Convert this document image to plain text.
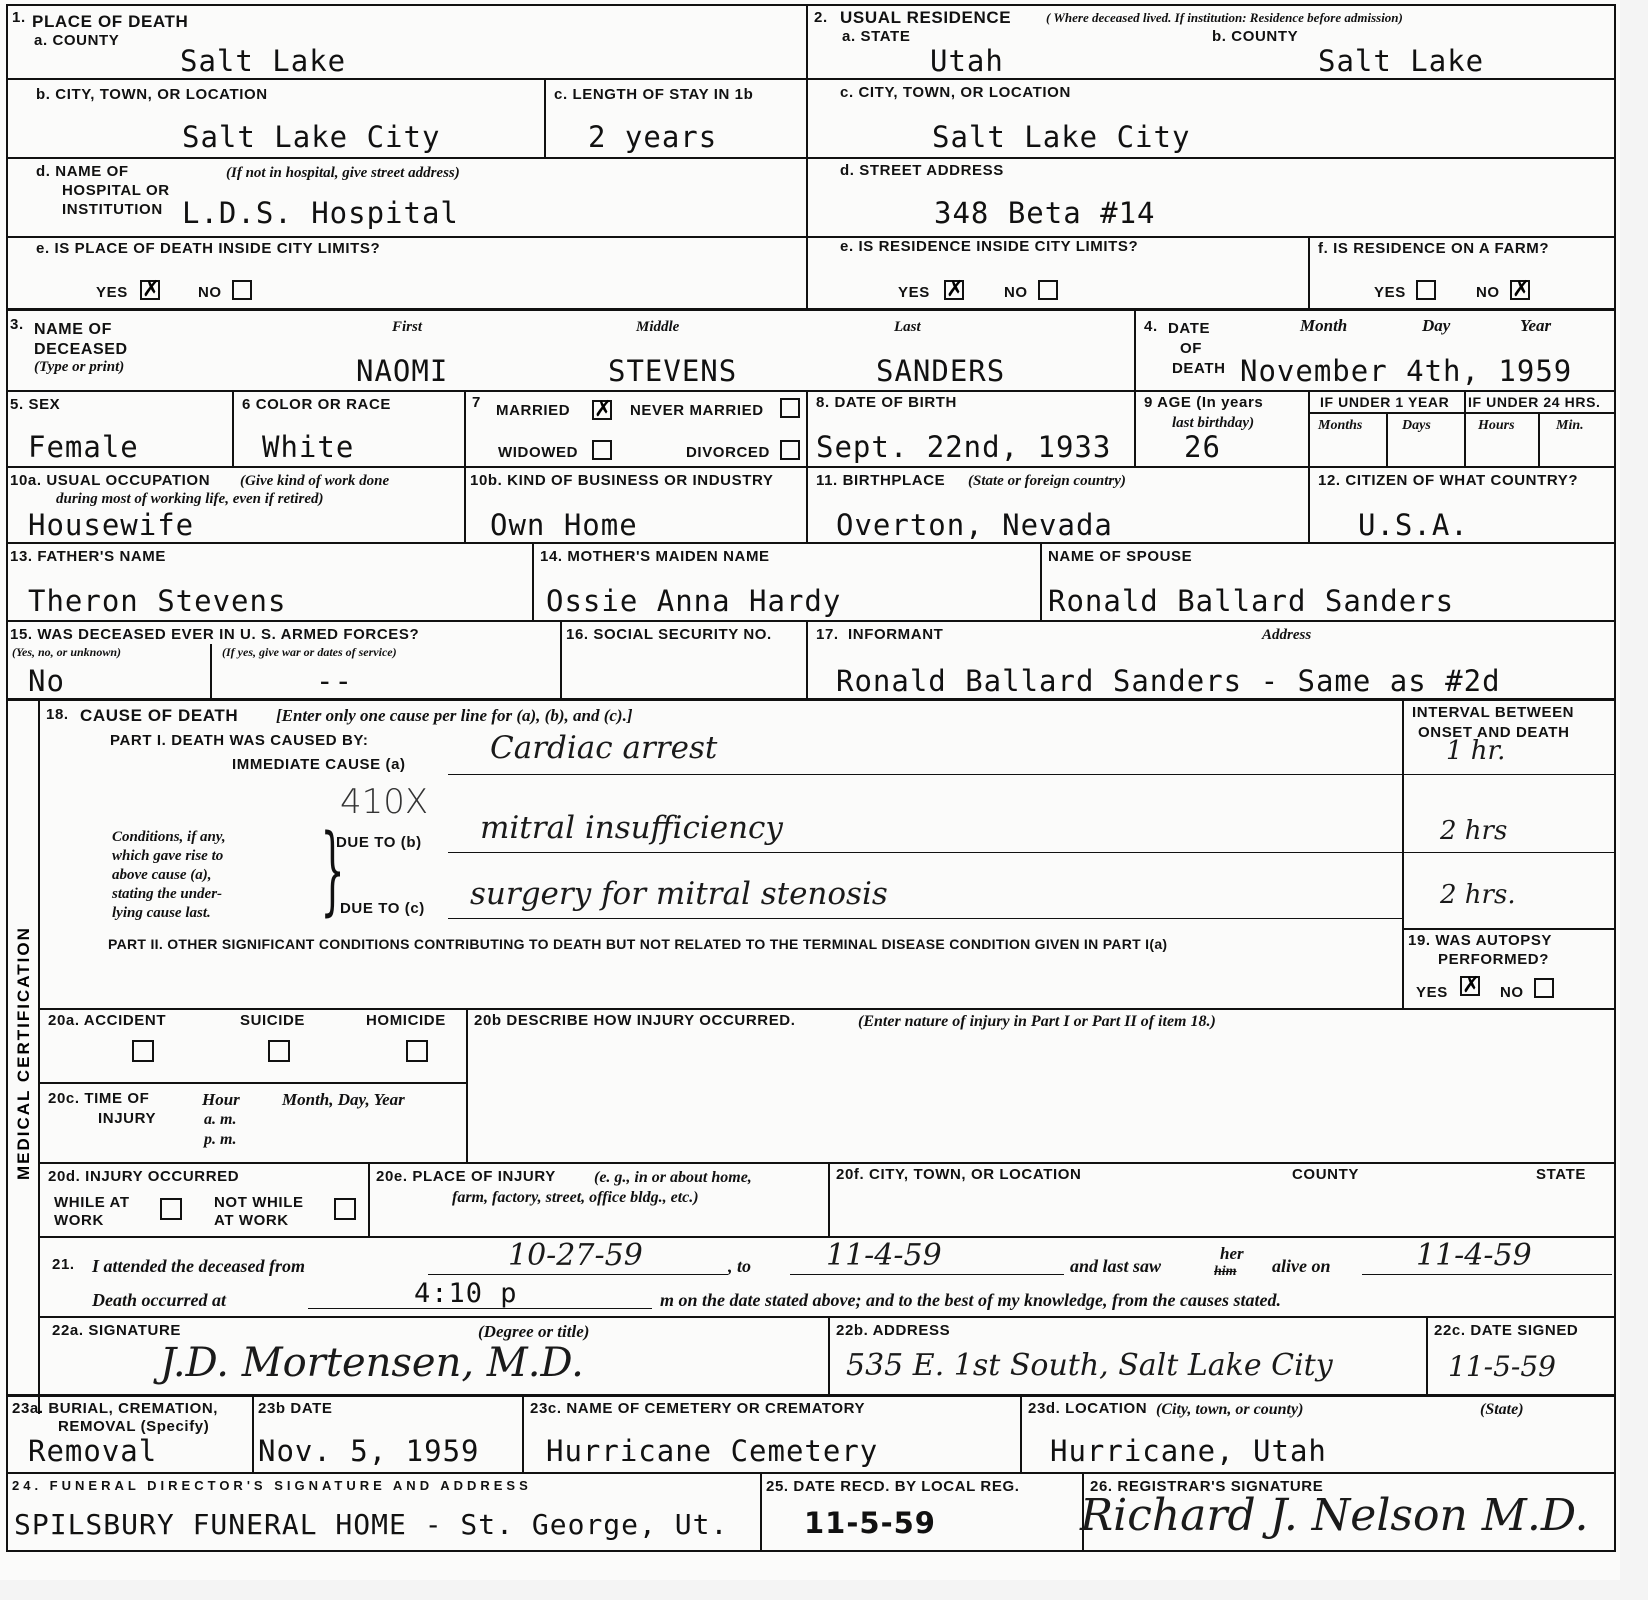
1. PLACE OF DEATH
a. COUNTY
Salt Lake
2. USUAL RESIDENCE	( Where deceased lived. If institution: Residence before admission)
a. STATE	b. COUNTY
Utah	Salt Lake
b. CITY, TOWN, OR LOCATION
Salt Lake City
c. LENGTH OF STAY IN 1b
2 years
c. CITY, TOWN, OR LOCATION
Salt Lake City
d. NAME OF
HOSPITAL OR
INSTITUTION
(If not in hospital, give street address)
L.D.S. Hospital
d. STREET ADDRESS
348 Beta #14
e. IS PLACE OF DEATH INSIDE CITY LIMITS?
YES ✗	NO
e. IS RESIDENCE INSIDE CITY LIMITS?
YES ✗	NO
f. IS RESIDENCE ON A FARM?
YES	NO ✗
3. NAME OF
DECEASED
(Type or print)
First	Middle	Last
NAOMI	STEVENS	SANDERS
4. DATE
OF
DEATH
Month	Day	Year
November 4th, 1959
5. SEX
Female
6 COLOR OR RACE
White
7 MARRIED ✗ NEVER MARRIED
WIDOWED	DIVORCED
8. DATE OF BIRTH
Sept. 22nd, 1933
9 AGE (In years
last birthday)
26
IF UNDER 1 YEAR IF UNDER 24 HRS.
Months	Days	Hours	Min.
10a. USUAL OCCUPATION (Give kind of work done
during most of working life, even if retired)
Housewife
10b. KIND OF BUSINESS OR INDUSTRY
Own Home
11. BIRTHPLACE (State or foreign country)
Overton, Nevada
12. CITIZEN OF WHAT COUNTRY?
U.S.A.
13. FATHER'S NAME
Theron Stevens
14. MOTHER'S MAIDEN NAME
Ossie Anna Hardy
NAME OF SPOUSE
Ronald Ballard Sanders
15. WAS DECEASED EVER IN U. S. ARMED FORCES?
(Yes, no, or unknown)	(If yes, give war or dates of service)
No	--
16. SOCIAL SECURITY NO.	17. INFORMANT	Address
Ronald Ballard Sanders - Same as #2d
MEDICAL CERTIFICATION
18. CAUSE OF DEATH [Enter only one cause per line for (a), (b), and (c).]	INTERVAL BETWEEN
ONSET AND DEATH
PART I. DEATH WAS CAUSED BY:
IMMEDIATE CAUSE (a)	Cardiac arrest	1 hr.
410X
Conditions, if any,
which gave rise to
above cause (a),
stating the under-
lying cause last. }
DUE TO (b) mitral insufficiency	2 hrs
DUE TO (c) surgery for mitral stenosis	2 hrs.
PART II. OTHER SIGNIFICANT CONDITIONS CONTRIBUTING TO DEATH BUT NOT RELATED TO THE TERMINAL DISEASE CONDITION GIVEN IN PART I(a)	19. WAS AUTOPSY
PERFORMED?
YES ✗ NO
20a. ACCIDENT	SUICIDE	HOMICIDE 20b DESCRIBE HOW INJURY OCCURRED.	(Enter nature of injury in Part I or Part II of item 18.)
20c. TIME OF
INJURY
Hour
a. m.
p. m.
Month, Day, Year
20d. INJURY OCCURRED
WHILE AT
WORK
NOT WHILE
AT WORK
20e. PLACE OF INJURY (e. g., in or about home,
farm, factory, street, office bldg., etc.)
20f. CITY, TOWN, OR LOCATION	COUNTY	STATE
21. I attended the deceased from	10-27-59	, to 11-4-59	and last saw
her
him alive on	11-4-59
Death occurred at	4:10 p	m on the date stated above; and to the best of my knowledge, from the causes stated.
22a. SIGNATURE	(Degree or title)
J.D. Mortensen, M.D.
22b. ADDRESS
535 E. 1st South, Salt Lake City
22c. DATE SIGNED
11-5-59
23a. BURIAL, CREMATION,
REMOVAL (Specify)
Removal
23b DATE
Nov. 5, 1959
23c. NAME OF CEMETERY OR CREMATORY
Hurricane Cemetery
23d. LOCATION (City, town, or county)	(State)
Hurricane, Utah
24. FUNERAL DIRECTOR'S SIGNATURE AND ADDRESS
SPILSBURY FUNERAL HOME - St. George, Ut.
25. DATE RECD. BY LOCAL REG.
11-5-59
26. REGISTRAR'S SIGNATURE
Richard J. Nelson M.D.
